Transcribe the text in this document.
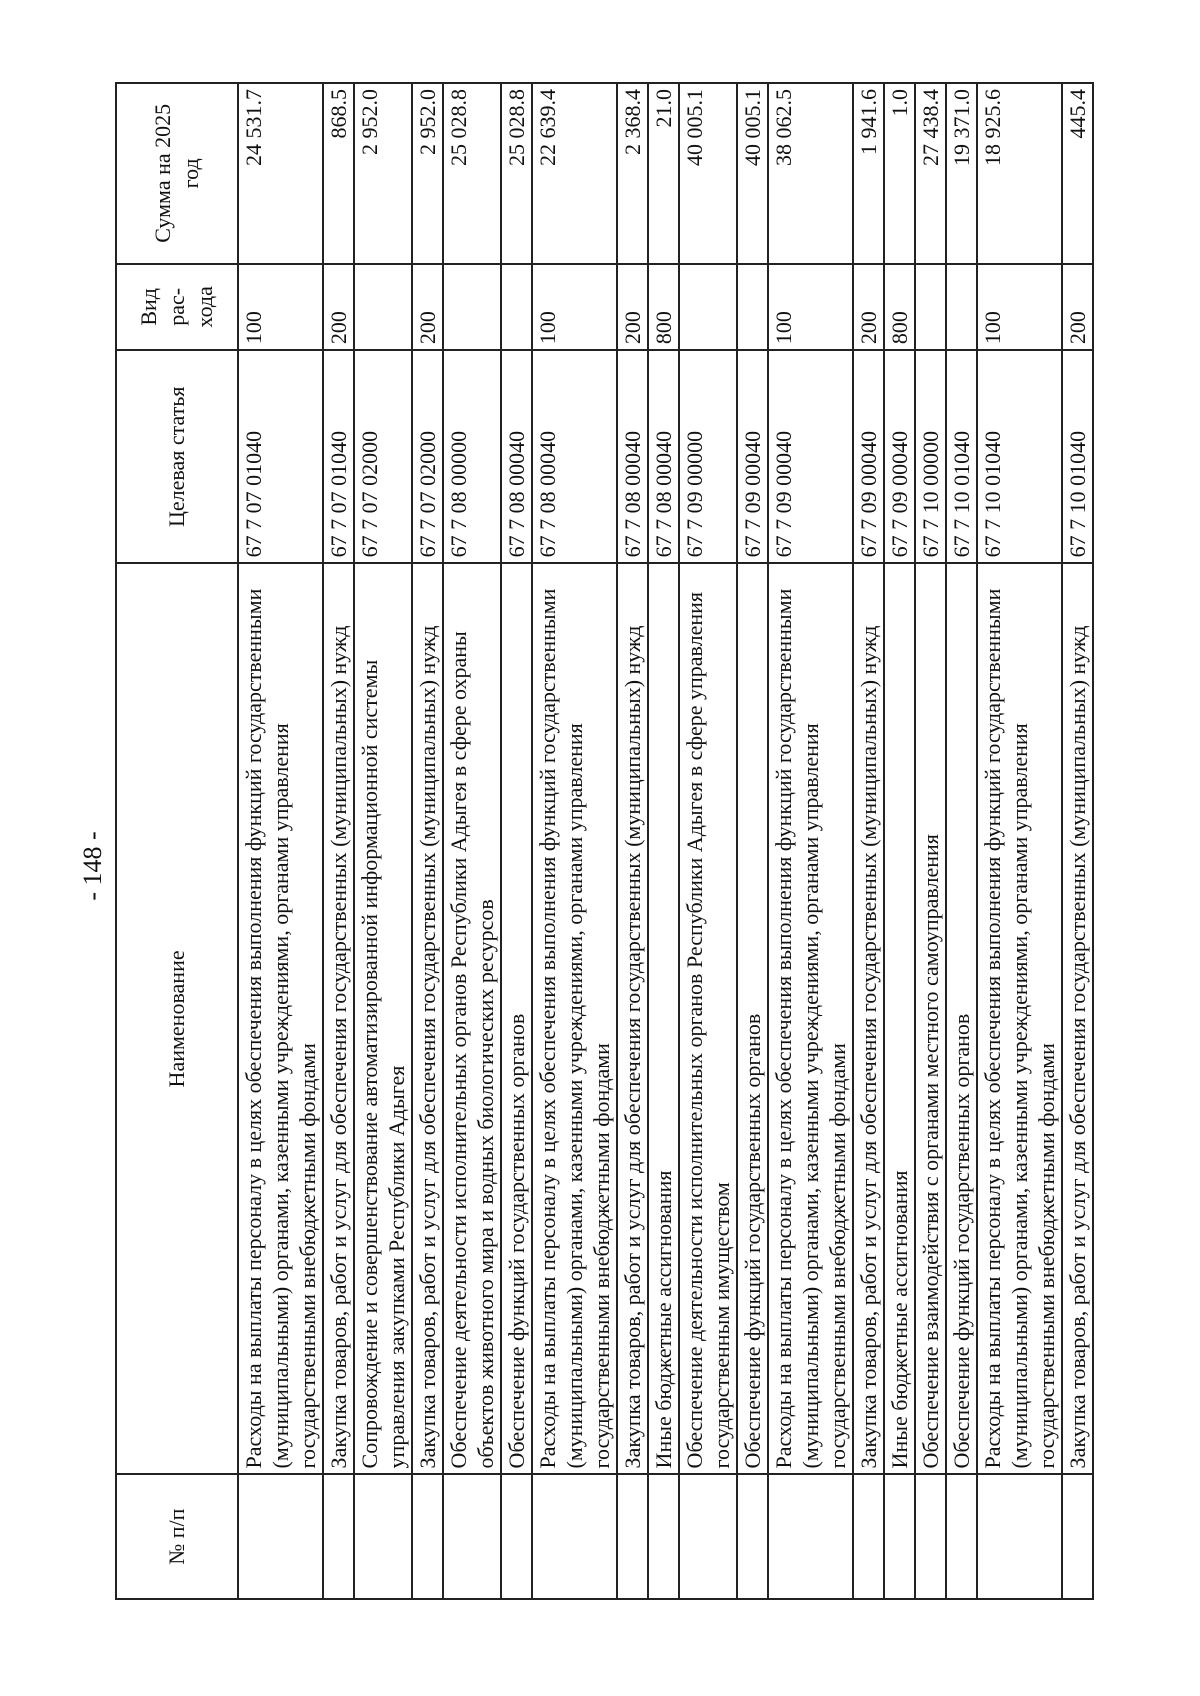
- 148 -
№ п/п	Наименование	Целевая статья	Вид рас-хода	Сумма на 2025 год
	Расходы на выплаты персоналу в целях обеспечения выполнения функций государственными (муниципальными) органами, казенными учреждениями, органами управления государственными внебюджетными фондами	67 7 07 01040	100	24 531.7
	Закупка товаров, работ и услуг для обеспечения государственных (муниципальных) нужд	67 7 07 01040	200	868.5
	Сопровождение и совершенствование автоматизированной информационной системы управления закупками Республики Адыгея	67 7 07 02000		2 952.0
	Закупка товаров, работ и услуг для обеспечения государственных (муниципальных) нужд	67 7 07 02000	200	2 952.0
	Обеспечение деятельности исполнительных органов Республики Адыгея в сфере охраны объектов животного мира и водных биологических ресурсов	67 7 08 00000		25 028.8
	Обеспечение функций государственных органов	67 7 08 00040		25 028.8
	Расходы на выплаты персоналу в целях обеспечения выполнения функций государственными (муниципальными) органами, казенными учреждениями, органами управления государственными внебюджетными фондами	67 7 08 00040	100	22 639.4
	Закупка товаров, работ и услуг для обеспечения государственных (муниципальных) нужд	67 7 08 00040	200	2 368.4
	Иные бюджетные ассигнования	67 7 08 00040	800	21.0
	Обеспечение деятельности исполнительных органов Республики Адыгея в сфере управления государственным имуществом	67 7 09 00000		40 005.1
	Обеспечение функций государственных органов	67 7 09 00040		40 005.1
	Расходы на выплаты персоналу в целях обеспечения выполнения функций государственными (муниципальными) органами, казенными учреждениями, органами управления государственными внебюджетными фондами	67 7 09 00040	100	38 062.5
	Закупка товаров, работ и услуг для обеспечения государственных (муниципальных) нужд	67 7 09 00040	200	1 941.6
	Иные бюджетные ассигнования	67 7 09 00040	800	1.0
	Обеспечение взаимодействия с органами местного самоуправления	67 7 10 00000		27 438.4
	Обеспечение функций государственных органов	67 7 10 01040		19 371.0
	Расходы на выплаты персоналу в целях обеспечения выполнения функций государственными (муниципальными) органами, казенными учреждениями, органами управления государственными внебюджетными фондами	67 7 10 01040	100	18 925.6
	Закупка товаров, работ и услуг для обеспечения государственных (муниципальных) нужд	67 7 10 01040	200	445.4
